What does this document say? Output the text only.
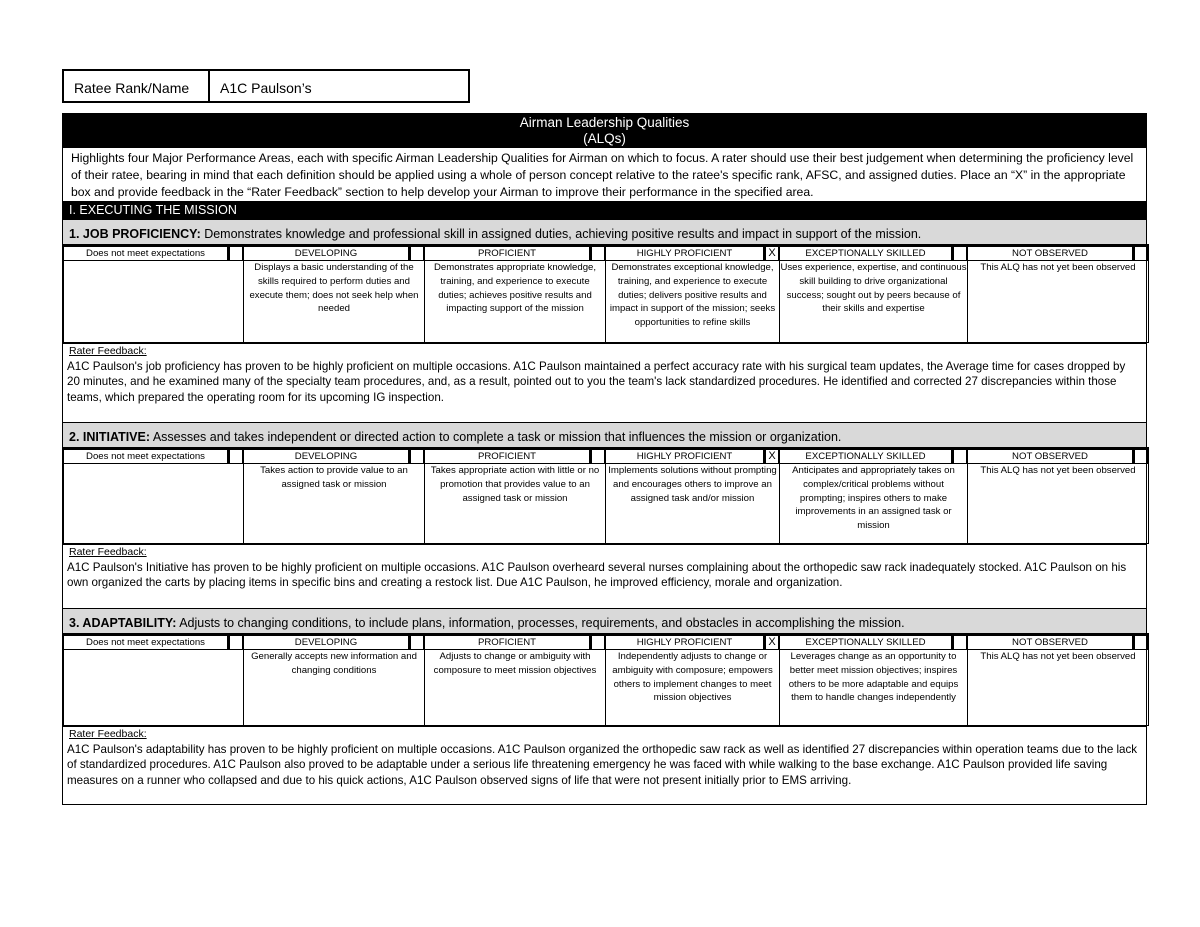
Ratee Rank/Name	A1C Paulson’s
Airman Leadership Qualities
(ALQs)
Highlights four Major Performance Areas, each with specific Airman Leadership Qualities for Airman on which to focus. A rater should use their best judgement when determining the proficiency level of their ratee, bearing in mind that each definition should be applied using a whole of person concept relative to the ratee's specific rank, AFSC, and assigned duties. Place an “X” in the appropriate box and provide feedback in the “Rater Feedback” section to help develop your Airman to improve their performance in the specified area.
I. EXECUTING THE MISSION
1. JOB PROFICIENCY: Demonstrates knowledge and professional skill in assigned duties, achieving positive results and impact in support of the mission.
Does not meet expectations	DEVELOPING	PROFICIENT	HIGHLY PROFICIENT X	EXCEPTIONALLY SKILLED	NOT OBSERVED

	Displays a basic understanding of the skills required to perform duties and execute them; does not seek help when needed	Demonstrates appropriate knowledge, training, and experience to execute duties; achieves positive results and impacting support of the mission	Demonstrates exceptional knowledge, training, and experience to execute duties; delivers positive results and impact in support of the mission; seeks opportunities to refine skills	Uses experience, expertise, and continuous skill building to drive organizational success; sought out by peers because of their skills and expertise	This ALQ has not yet been observed
Rater Feedback:
A1C Paulson's job proficiency has proven to be highly proficient on multiple occasions. A1C Paulson maintained a perfect accuracy rate with his surgical team updates, the Average time for cases dropped by 20 minutes, and he examined many of the specialty team procedures, and, as a result, pointed out to you the team's lack standardized procedures. He identified and corrected 27 discrepancies within those teams, which prepared the operating room for its upcoming IG inspection.
2. INITIATIVE: Assesses and takes independent or directed action to complete a task or mission that influences the mission or organization.
Does not meet expectations	DEVELOPING	PROFICIENT	HIGHLY PROFICIENT X	EXCEPTIONALLY SKILLED	NOT OBSERVED

	Takes action to provide value to an assigned task or mission	Takes appropriate action with little or no promotion that provides value to an assigned task or mission	Implements solutions without prompting and encourages others to improve an assigned task and/or mission	Anticipates and appropriately takes on complex/critical problems without prompting; inspires others to make improvements in an assigned task or mission	This ALQ has not yet been observed
Rater Feedback:
A1C Paulson's Initiative has proven to be highly proficient on multiple occasions. A1C Paulson overheard several nurses complaining about the orthopedic saw rack inadequately stocked. A1C Paulson on his own organized the carts by placing items in specific bins and creating a restock list. Due A1C Paulson, he improved efficiency, morale and organization.
3. ADAPTABILITY: Adjusts to changing conditions, to include plans, information, processes, requirements, and obstacles in accomplishing the mission.
Does not meet expectations	DEVELOPING	PROFICIENT	HIGHLY PROFICIENT X	EXCEPTIONALLY SKILLED	NOT OBSERVED

	Generally accepts new information and changing conditions	Adjusts to change or ambiguity with composure to meet mission objectives	Independently adjusts to change or ambiguity with composure; empowers others to implement changes to meet mission objectives	Leverages change as an opportunity to better meet mission objectives; inspires others to be more adaptable and equips them to handle changes independently	This ALQ has not yet been observed
Rater Feedback:
A1C Paulson's adaptability has proven to be highly proficient on multiple occasions. A1C Paulson organized the orthopedic saw rack as well as identified 27 discrepancies within operation teams due to the lack of standardized procedures. A1C Paulson also proved to be adaptable under a serious life threatening emergency he was faced with while walking to the base exchange. A1C Paulson provided life saving measures on a runner who collapsed and due to his quick actions, A1C Paulson observed signs of life that were not present initially prior to EMS arriving.
